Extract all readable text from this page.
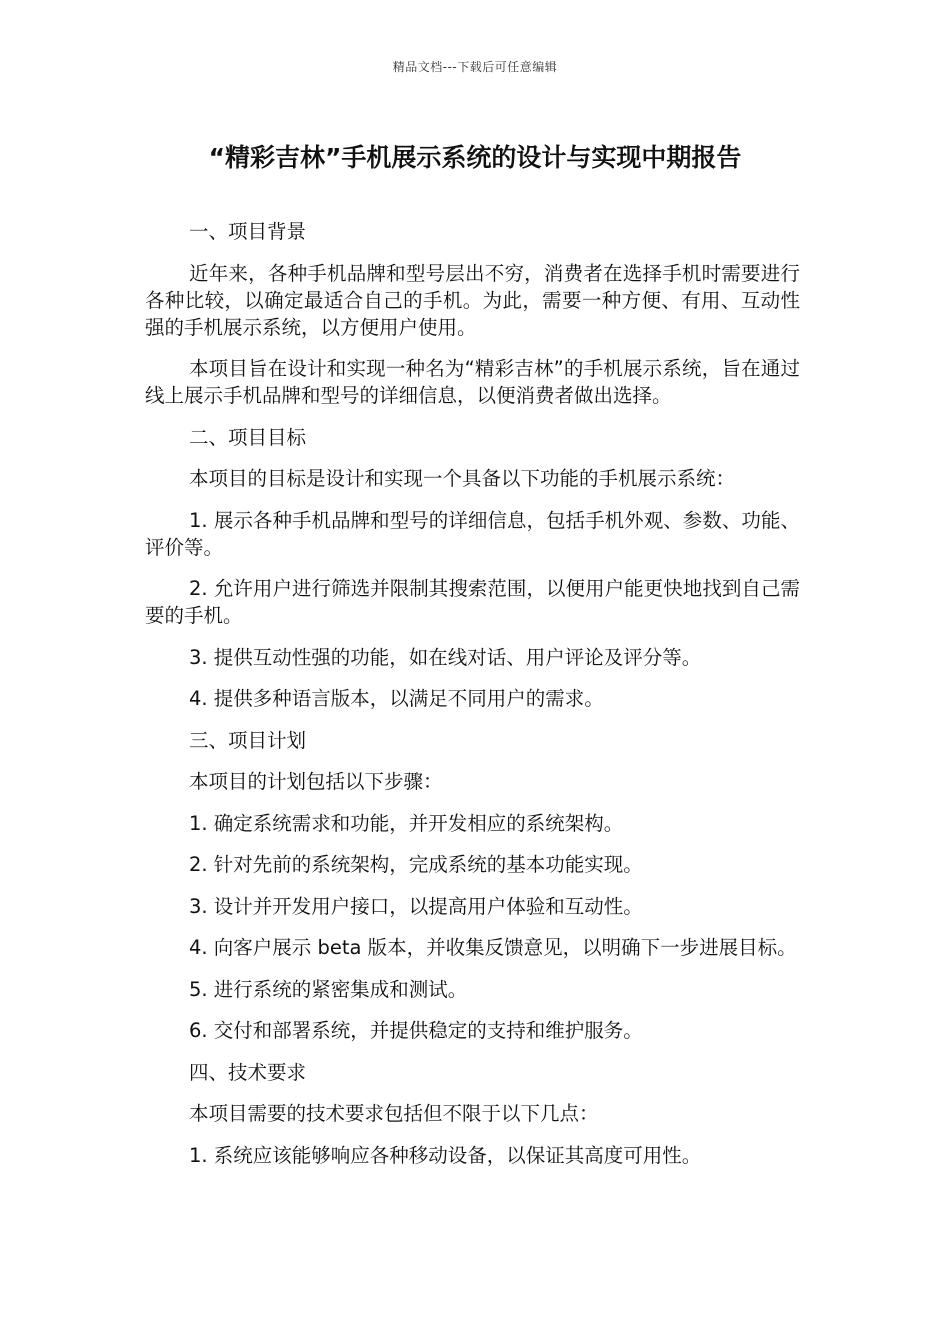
精品文档---下载后可任意编辑
“精彩吉林”手机展示系统的设计与实现中期报告

一、项目背景

近年来，各种手机品牌和型号层出不穷，消费者在选择手机时需要进行各种比较，以确定最适合自己的手机。为此，需要一种方便、有用、互动性强的手机展示系统，以方便用户使用。

本项目旨在设计和实现一种名为“精彩吉林”的手机展示系统，旨在通过线上展示手机品牌和型号的详细信息，以便消费者做出选择。

二、项目目标

本项目的目标是设计和实现一个具备以下功能的手机展示系统：

1. 展示各种手机品牌和型号的详细信息，包括手机外观、参数、功能、评价等。

2. 允许用户进行筛选并限制其搜索范围，以便用户能更快地找到自己需要的手机。

3. 提供互动性强的功能，如在线对话、用户评论及评分等。

4. 提供多种语言版本，以满足不同用户的需求。

三、项目计划

本项目的计划包括以下步骤：

1. 确定系统需求和功能，并开发相应的系统架构。

2. 针对先前的系统架构，完成系统的基本功能实现。

3. 设计并开发用户接口，以提高用户体验和互动性。

4. 向客户展示 beta 版本，并收集反馈意见，以明确下一步进展目标。

5. 进行系统的紧密集成和测试。

6. 交付和部署系统，并提供稳定的支持和维护服务。

四、技术要求

本项目需要的技术要求包括但不限于以下几点：

1. 系统应该能够响应各种移动设备，以保证其高度可用性。
